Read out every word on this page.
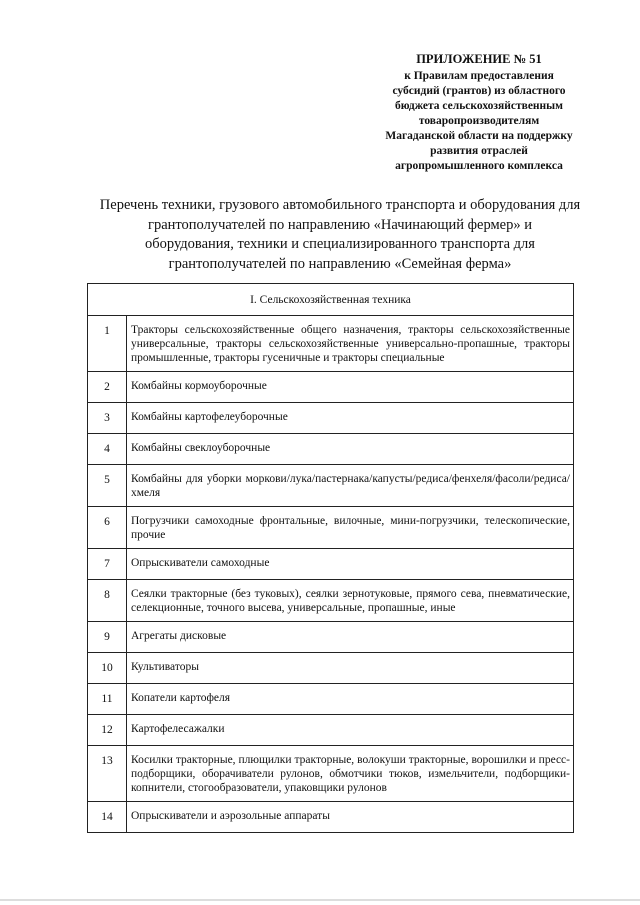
ПРИЛОЖЕНИЕ № 51
к Правилам предоставления
субсидий (грантов) из областного
бюджета сельскохозяйственным
товаропроизводителям
Магаданской области на поддержку
развития отраслей
агропромышленного комплекса
Перечень техники, грузового автомобильного транспорта и оборудования для
грантополучателей по направлению «Начинающий фермер» и
оборудования, техники и специализированного транспорта для
грантополучателей по направлению «Семейная ферма»
I. Сельскохозяйственная техника	
1	Тракторы сельскохозяйственные общего назначения, тракторы сельскохозяйственные универсальные, тракторы сельскохозяйственные универсально-пропашные, тракторы промышленные, тракторы гусеничные и тракторы специальные
2	Комбайны кормоуборочные
3	Комбайны картофелеуборочные
4	Комбайны свеклоуборочные
5	Комбайны для уборки моркови/лука/пастернака/капусты/редиса/фенхеля/фасоли/редиса/хмеля
6	Погрузчики самоходные фронтальные, вилочные, мини-погрузчики, телескопические, прочие
7	Опрыскиватели самоходные
8	Сеялки тракторные (без туковых), сеялки зернотуковые, прямого сева, пневматические, селекционные, точного высева, универсальные, пропашные, иные
9	Агрегаты дисковые
10	Культиваторы
11	Копатели картофеля
12	Картофелесажалки
13	Косилки тракторные, плющилки тракторные, волокуши тракторные, ворошилки и пресс-подборщики, оборачиватели рулонов, обмотчики тюков, измельчители, подборщики-копнители, стогообразователи, упаковщики рулонов
14	Опрыскиватели и аэрозольные аппараты
